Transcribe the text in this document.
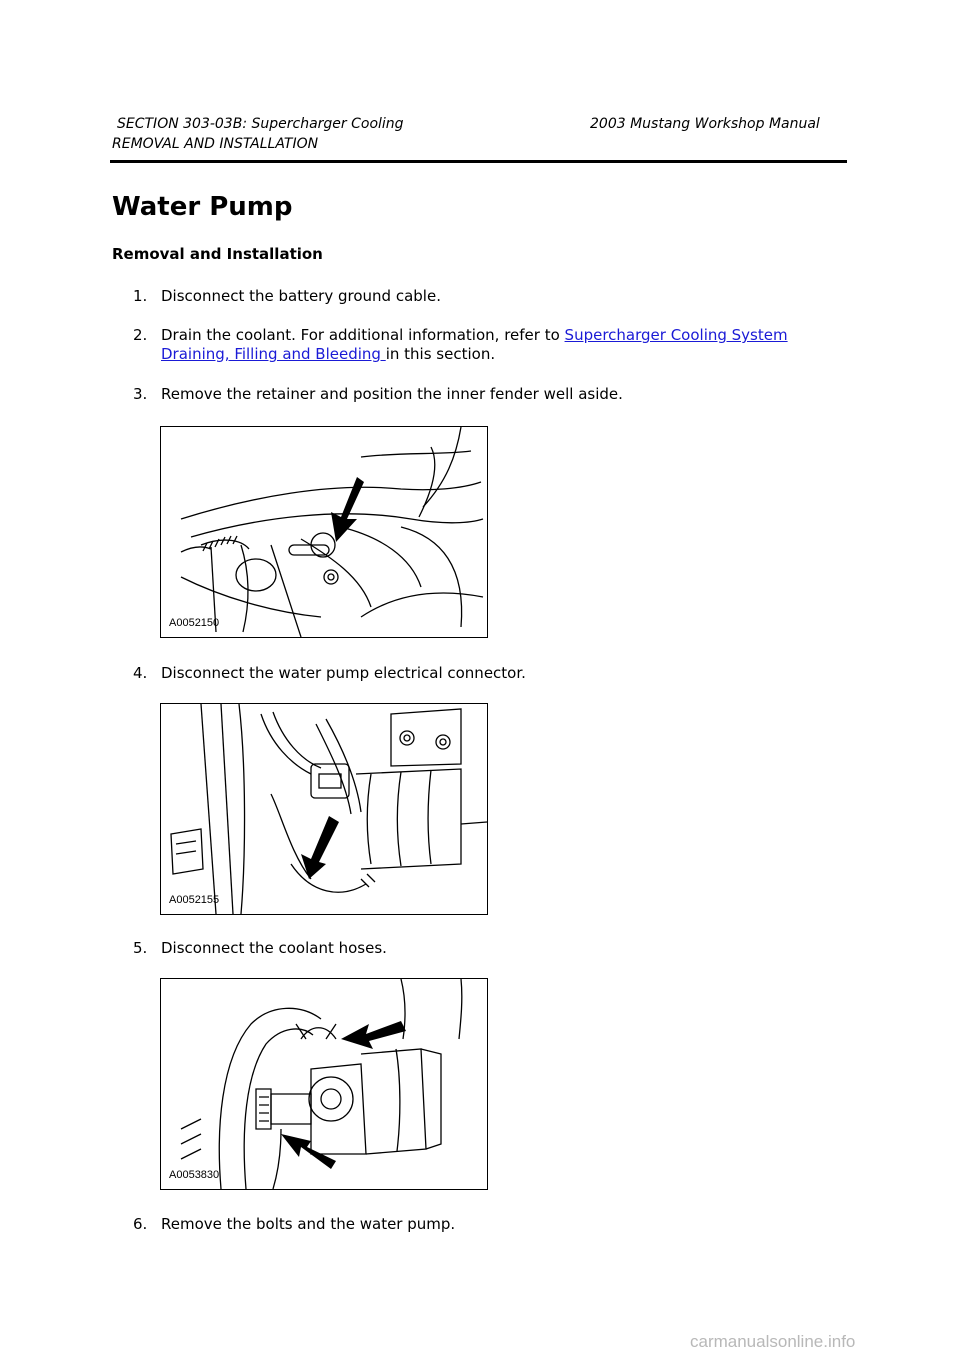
SECTION 303-03B: Supercharger Cooling	2003 Mustang Workshop Manual
REMOVAL AND INSTALLATION
Water Pump
Removal and Installation
1. Disconnect the battery ground cable.
2. Drain the coolant. For additional information, refer to Supercharger Cooling System Draining, Filling and Bleeding in this section.
3. Remove the retainer and position the inner fender well aside.
A0052150
4. Disconnect the water pump electrical connector.
A0052155
5. Disconnect the coolant hoses.
A0053830
6. Remove the bolts and the water pump.
carmanualsonline.info
